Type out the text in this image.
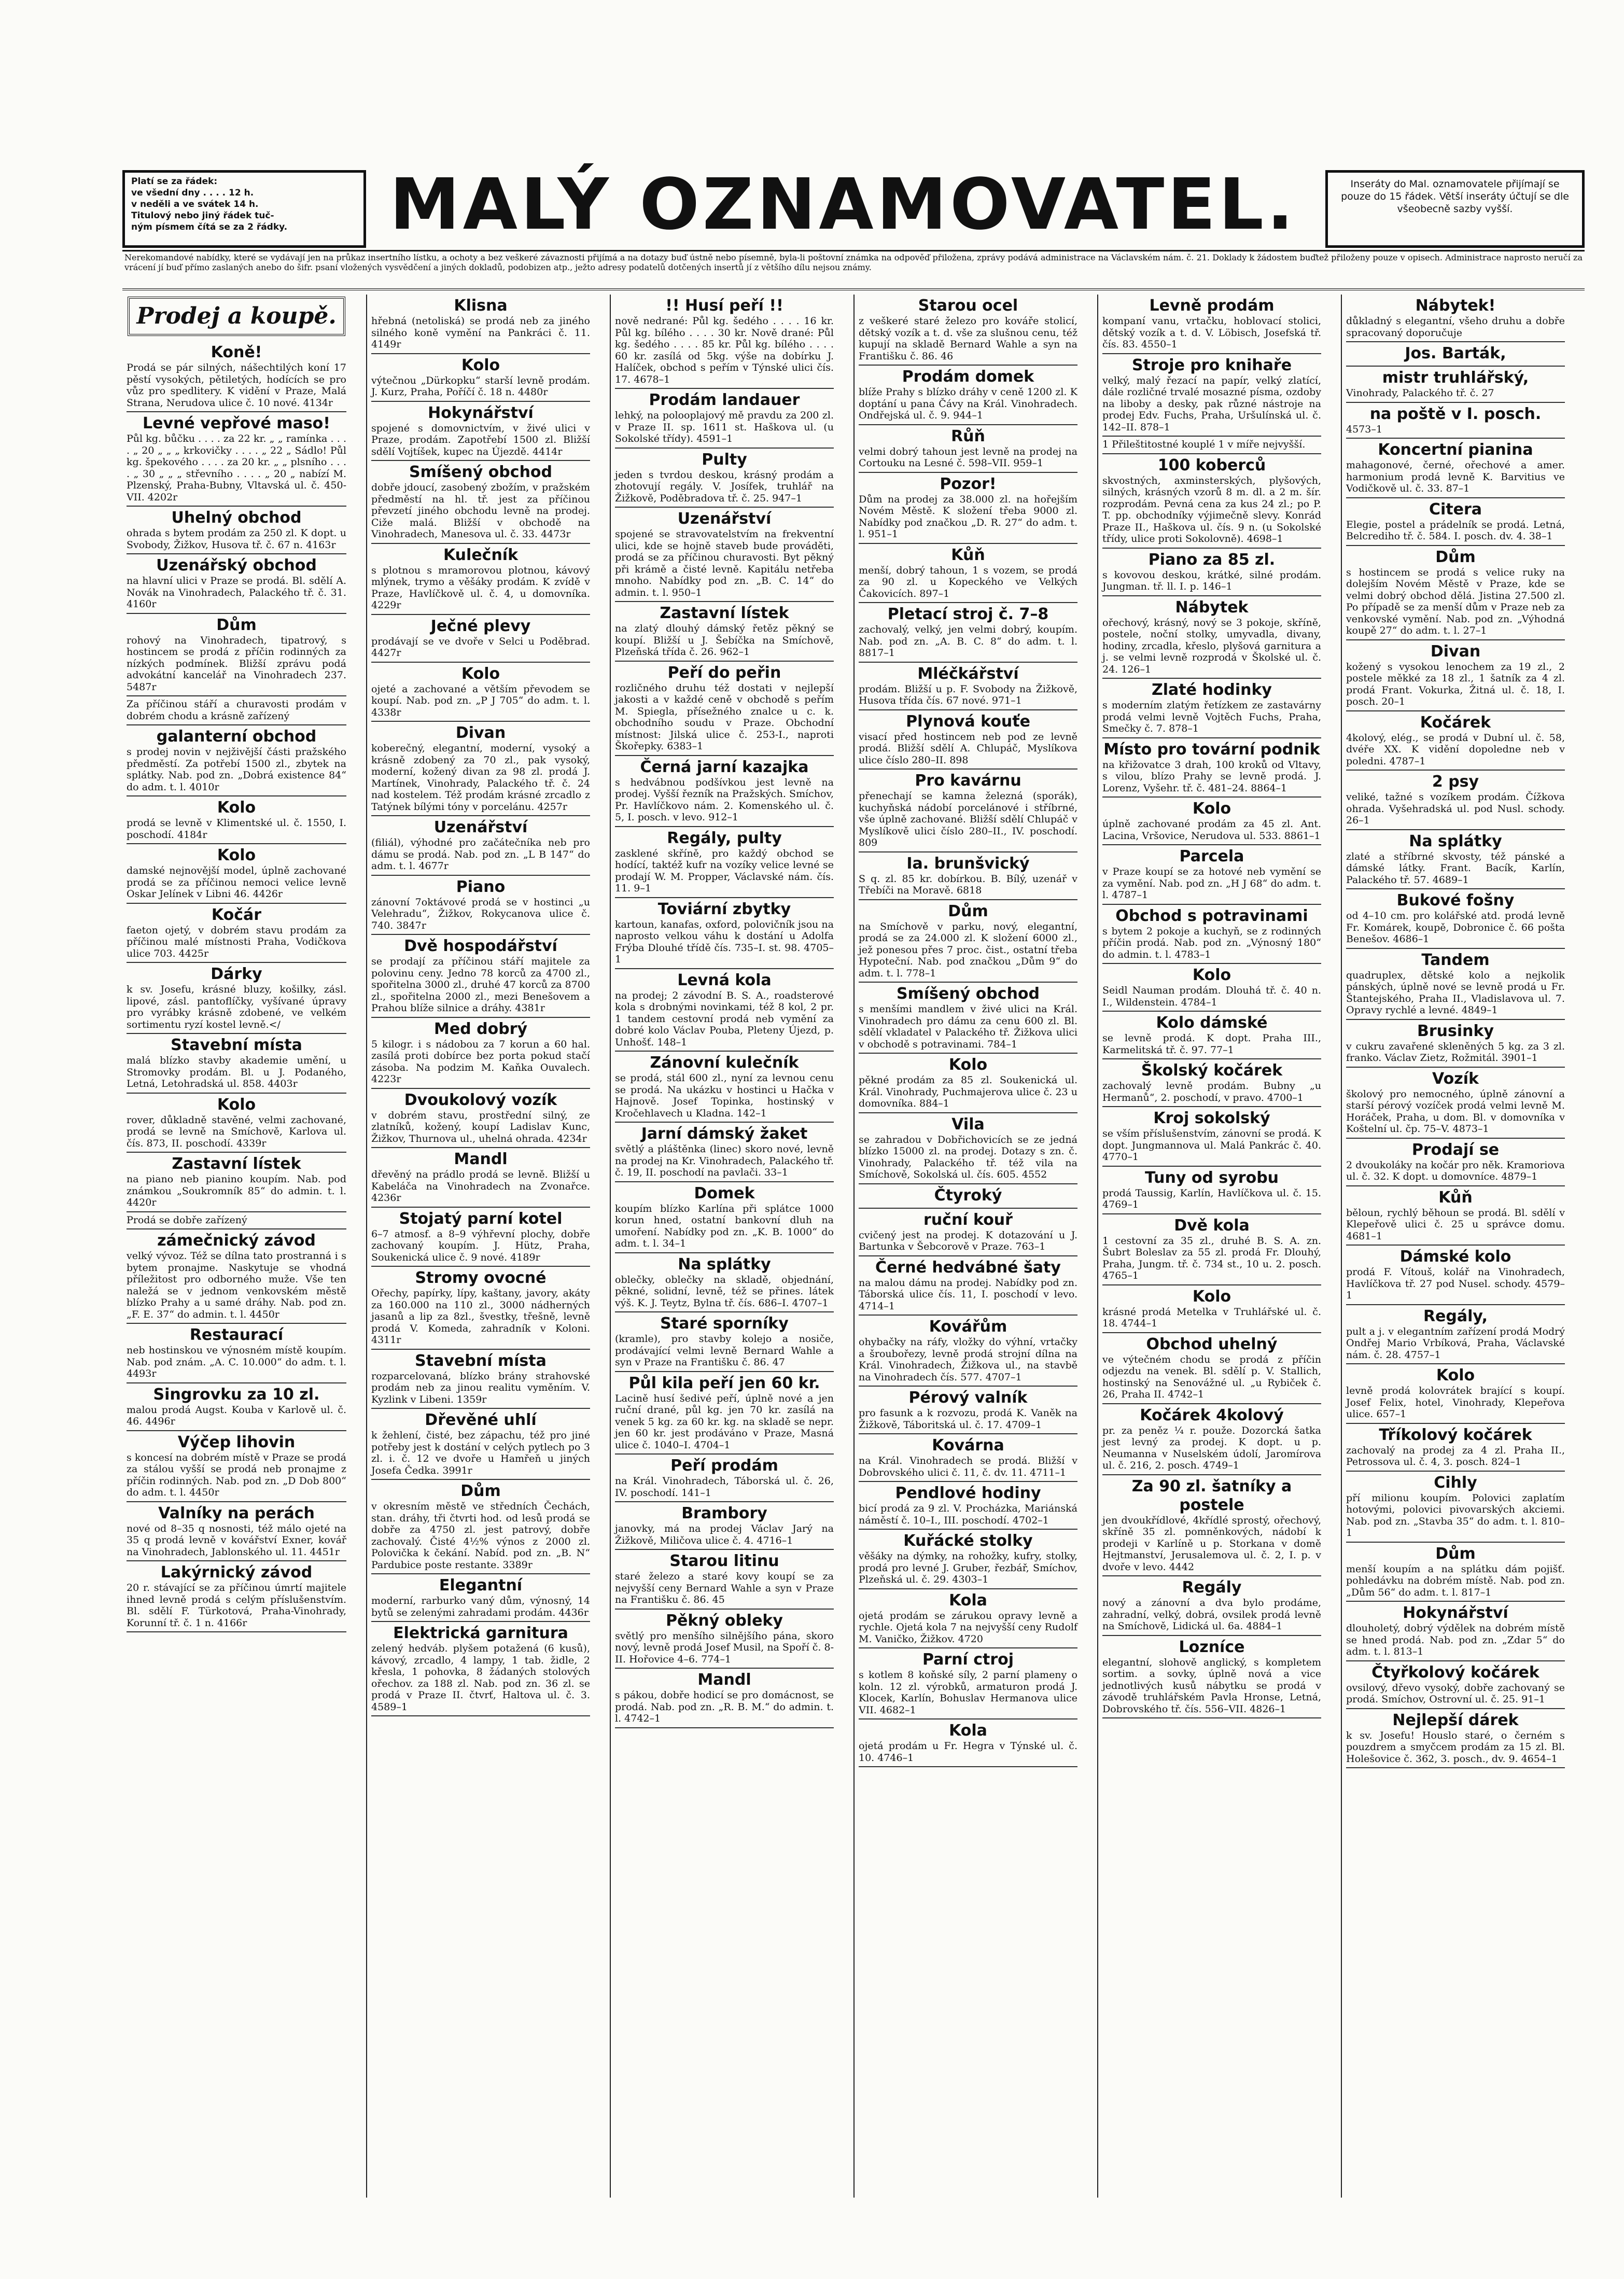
Platí se za řádek:
ve všední dny . . . . 12 h.
v neděli a ve svátek 14 h.
Titulový nebo jiný řádek tuč-
ným písmem čítá se za 2 řádky.	MALÝ OZNAMOVATEL.	Inseráty do Mal. oznamovatele přijímají se pouze do 15 řádek. Větší inseráty účtují se dle všeobecně sazby vyšší.
Nerekomandové nabídky, které se vydávají jen na průkaz insertního lístku, a ochoty a bez veškeré závaznosti přijímá a na dotazy buď ústně nebo písemně, byla-li poštovní známka na odpověď přiložena, zprávy podává administrace na Václavském nám. č. 21. Doklady k žádostem buďtež přiloženy pouze v opisech. Administrace naprosto neručí za vrácení jí buď přímo zaslaných anebo do šifr. psaní vložených vysvědčení a jiných dokladů, podobizen atp., ježto adresy podatelů dotčených insertů jí z většího dílu nejsou známy.
Prodej a koupě.
Koně!
Prodá se pár silných, nášechtilých koní 17 pěstí vysokých, pětiletých, hodících se pro vůz pro spedlitery. K vidění v Praze, Malá Strana, Nerudova ulice č. 10 nové. 4134r
Levné vepřové maso!
Půl kg. bůčku . . . . za 22 kr. „ „ ramínka . . . . „ 20 „ „ „ krkovičky . . . . „ 22 „ Sádlo! Půl kg. špekového . . . . za 20 kr. „ „ plsního . . . . „ 30 „ „ „ střevního . . . . „ 20 „ nabízí M. Plzenský, Praha-Bubny, Vltavská ul. č. 450-VII. 4202r
Uhelný obchod
ohrada s bytem prodám za 250 zl. K dopt. u Svobody, Žižkov, Husova tř. č. 67 n. 4163r
Uzenářský obchod
na hlavní ulici v Praze se prodá. Bl. sdělí A. Novák na Vinohradech, Palackého tř. č. 31. 4160r
Dům
rohový na Vinohradech, tipatrový, s hostincem se prodá z příčin rodinných za nízkých podmínek. Bližší zprávu podá advokátní kancelář na Vinohradech 237. 5487r
Za příčinou stáří a churavosti prodám v dobrém chodu a krásně zařízený
galanterní obchod
s prodej novin v nejživější části pražského předměstí. Za potřebí 1500 zl., zbytek na splátky. Nab. pod zn. „Dobrá existence 84“ do adm. t. l. 4010r
Kolo
prodá se levně v Klimentské ul. č. 1550, I. poschodí. 4184r
Kolo
damské nejnovější model, úplně zachované prodá se za příčinou nemoci velice levně Oskar Jelínek v Libni 46. 4426r
Kočár
faeton ojetý, v dobrém stavu prodám za příčinou malé místnosti Praha, Vodičkova ulice 703. 4425r
Dárky
k sv. Josefu, krásné bluzy, košilky, zásl. lipové, zásl. pantoflíčky, vyšívané úpravy pro vyrábky krásně zdobené, ve velkém sortimentu ryzí kostel levně.</
Stavební místa
malá blízko stavby akademie umění, u Stromovky prodám. Bl. u J. Podaného, Letná, Letohradská ul. 858. 4403r
Kolo
rover, důkladně stavěné, velmi zachované, prodá se levně na Smíchově, Karlova ul. čís. 873, II. poschodí. 4339r
Zastavní lístek
na piano neb pianino koupím. Nab. pod známkou „Soukromník 85“ do admin. t. l. 4420r
Prodá se dobře zařízený
zámečnický závod
velký vývoz. Též se dílna tato prostranná i s bytem pronajme. Naskytuje se vhodná příležitost pro odborného muže. Vše ten naležá se v jednom venkovském městě blízko Prahy a u samé dráhy. Nab. pod zn. „F. E. 37“ do admin. t. l. 4450r
Restaurací
neb hostinskou ve výnosném místě koupím. Nab. pod znám. „A. C. 10.000“ do adm. t. l. 4493r
Singrovku za 10 zl.
malou prodá Augst. Kouba v Karlově ul. č. 46. 4496r
Výčep lihovin
s koncesí na dobrém místě v Praze se prodá za stálou vyšší se prodá neb pronajme z příčin rodinných. Nab. pod zn. „D Dob 800“ do adm. t. l. 4450r
Valníky na perách
nové od 8–35 q nosnosti, též málo ojeté na 35 q prodá levně v kovářství Exner, kovář na Vinohradech, Jablonského ul. 11. 4451r
Lakýrnický závod
20 r. stávající se za příčinou úmrtí majitele ihned levně prodá s celým příslušenstvím. Bl. sdělí F. Türkotová, Praha-Vinohrady, Korunní tř. č. 1 n. 4166r
Klisna
hřebná (netoliská) se prodá neb za jiného silného koně vymění na Pankráci č. 11. 4149r
Kolo
výtečnou „Dürkopku“ starší levně prodám. J. Kurz, Praha, Poříčí č. 18 n. 4480r
Hokynářství
spojené s domovnictvím, v živé ulici v Praze, prodám. Zapotřebí 1500 zl. Bližší sdělí Vojtíšek, kupec na Újezdě. 4414r
Smíšený obchod
dobře jdoucí, zasobený zbožím, v pražském předměstí na hl. tř. jest za příčinou převzetí jiného obchodu levně na prodej. Ciže malá. Bližší v obchodě na Vinohradech, Manesova ul. č. 33. 4473r
Kulečník
s plotnou s mramorovou plotnou, kávový mlýnek, trymo a věšáky prodám. K zvídě v Praze, Havlíčkově ul. č. 4, u domovníka. 4229r
Ječné plevy
prodávají se ve dvoře v Selci u Poděbrad. 4427r
Kolo
ojeté a zachované a větším převodem se koupí. Nab. pod zn. „P J 705“ do adm. t. l. 4338r
Divan
koberečný, elegantní, moderní, vysoký a krásně zdobený za 70 zl., pak vysoký, moderní, kožený divan za 98 zl. prodá J. Martínek, Vinohrady, Palackého tř. č. 24 nad kostelem. Též prodám krásné zrcadlo z Tatýnek bílými tóny v porcelánu. 4257r
Uzenářství
(filiál), výhodné pro začátečníka neb pro dámu se prodá. Nab. pod zn. „L B 147“ do adm. t. l. 4677r
Piano
zánovní 7oktávové prodá se v hostinci „u Velehradu“, Žižkov, Rokycanova ulice č. 740. 3847r
Dvě hospodářství
se prodají za příčinou stáří majitele za polovinu ceny. Jedno 78 korců za 4700 zl., spořitelna 3000 zl., druhé 47 korců za 8700 zl., spořitelna 2000 zl., mezi Benešovem a Prahou blíže silnice a dráhy. 4381r
Med dobrý
5 kilogr. i s nádobou za 7 korun a 60 hal. zasílá proti dobírce bez porta pokud stačí zásoba. Na podzim M. Kaňka Ouvalech. 4223r
Dvoukolový vozík
v dobrém stavu, prostřední silný, ze zlatníků, kožený, koupí Ladislav Kunc, Žižkov, Thurnova ul., uhelná ohrada. 4234r
Mandl
dřevěný na prádlo prodá se levně. Bližší u Kabeláča na Vinohradech na Zvonařce. 4236r
Stojatý parní kotel
6–7 atmosf. a 8–9 výhřevní plochy, dobře zachovaný koupím. J. Hütz, Praha, Soukenická ulice č. 9 nové. 4189r
Stromy ovocné
Ořechy, papírky, lípy, kaštany, javory, akáty za 160.000 na 110 zl., 3000 nádherných jasanů a lip za 8zl., švestky, třešně, levně prodá V. Komeda, zahradník v Koloni. 4311r
Stavební místa
rozparcelovaná, blízko brány strahovské prodám neb za jinou realitu vyměním. V. Kyzlink v Libeni. 1359r
Dřevěné uhlí
k žehlení, čisté, bez zápachu, též pro jiné potřeby jest k dostání v celých pytlech po 3 zl. i. č. 12 ve dvoře u Hamřeň u jiných Josefa Čedka. 3991r
Dům
v okresním městě ve středních Čechách, stan. dráhy, tři čtvrti hod. od lesů prodá se dobře za 4750 zl. jest patrový, dobře zachovalý. Čisté 4½% výnos z 2000 zl. Polovička k čekání. Nabíd. pod zn. „B. N“ Pardubice poste restante. 3389r
Elegantní
moderní, rarburko vaný dům, výnosný, 14 bytů se zelenými zahradami prodám. 4436r
Elektrická garnitura
zelený hedváb. plyšem potažená (6 kusů), kávový, zrcadlo, 4 lampy, 1 tab. židle, 2 křesla, 1 pohovka, 8 žádaných stolových ořechov. za 188 zl. Nab. pod zn. 36 zl. se prodá v Praze II. čtvrť, Haltova ul. č. 3. 4589–1
!! Husí peří !!
nově nedrané: Půl kg. šedého . . . . 16 kr. Půl kg. bílého . . . . 30 kr. Nově drané: Půl kg. šedého . . . . 85 kr. Půl kg. bílého . . . . 60 kr. zasílá od 5kg. výše na dobírku J. Halíček, obchod s peřím v Týnské ulici čís. 17. 4678–1
Prodám landauer
lehký, na polooplajový mě pravdu za 200 zl. v Praze II. sp. 1611 st. Haškova ul. (u Sokolské třídy). 4591–1
Pulty
jeden s tvrdou deskou, krásný prodám a zhotovují regály. V. Josífek, truhlář na Žižkově, Poděbradova tř. č. 25. 947–1
Uzenářství
spojené se stravovatelstvím na frekventní ulici, kde se hojně staveb bude prováděti, prodá se za příčinou churavosti. Byt pěkný při krámě a čisté levně. Kapitálu netřeba mnoho. Nabídky pod zn. „B. C. 14“ do admin. t. l. 950–1
Zastavní lístek
na zlatý dlouhý dámský řetěz pěkný se koupí. Bližší u J. Šebíčka na Smíchově, Plzeňská třída č. 26. 962–1
Peří do peřin
rozličného druhu též dostati v nejlepší jakosti a v každé ceně v obchodě s peřím M. Spiegla, přísežného znalce u c. k. obchodního soudu v Praze. Obchodní místnost: Jilská ulice č. 253-I., naproti Škořepky. 6383–1
Černá jarní kazajka
s hedvábnou podšívkou jest levně na prodej. Vyšší řezník na Pražských. Smíchov, Pr. Havlíčkovo nám. 2. Komenského ul. č. 5, I. posch. v levo. 912–1
Regály, pulty
zasklené skříně, pro každý obchod se hodící, taktéž kufr na vozíky velice levné se prodají W. M. Propper, Václavské nám. čís. 11. 9–1
Toviární zbytky
kartoun, kanafas, oxford, polovičník jsou na naprosto velkou váhu k dostání u Adolfa Frýba Dlouhé třídě čís. 735–I. st. 98. 4705–1
Levná kola
na prodej; 2 závodní B. S. A., roadsterové kola s drobnými novinkami, též 8 kol, 2 pr. 1 tandem cestovní prodá neb vymění za dobré kolo Václav Pouba, Pleteny Újezd, p. Unhošť. 148–1
Zánovní kulečník
se prodá, stál 600 zl., nyní za levnou cenu se prodá. Na ukázku v hostinci u Hačka v Hajnově. Josef Topinka, hostinský v Kročehlavech u Kladna. 142–1
Jarní dámský žaket
světlý a pláštěnka (linec) skoro nové, levně na prodej na Kr. Vinohradech, Palackého tř. č. 19, II. poschodí na pavlači. 33–1
Domek
koupím blízko Karlína při splátce 1000 korun hned, ostatní bankovní dluh na umoření. Nabídky pod zn. „K. B. 1000“ do adm. t. l. 34–1
Na splátky
oblečky, oblečky na skladě, objednání, pěkné, solidní, levně, též se přines. látek výš. K. J. Teytz, Bylna tř. čís. 686–I. 4707–1
Staré sporníky
(kramle), pro stavby kolejo a nosiče, prodávající velmi levně Bernard Wahle a syn v Praze na Františku č. 86. 47
Půl kila peří jen 60 kr.
Lacině husí šedivé peří, úplně nové a jen ruční drané, půl kg. jen 70 kr. zasílá na venek 5 kg. za 60 kr. kg. na skladě se nepr. jen 60 kr. jest prodáváno v Praze, Masná ulice č. 1040–I. 4704–1
Peří prodám
na Král. Vinohradech, Táborská ul. č. 26, IV. poschodí. 141–1
Brambory
janovky, má na prodej Václav Jarý na Žižkově, Miličova ulice č. 4. 4716–1
Starou litinu
staré železo a staré kovy koupí se za nejvyšší ceny Bernard Wahle a syn v Praze na Františku č. 86. 45
Pěkný obleky
světlý pro menšího silnějšího pána, skoro nový, levně prodá Josef Musil, na Spoří č. 8-II. Hořovice 4–6. 774–1
Mandl
s pákou, dobře hodicí se pro domácnost, se prodá. Nab. pod zn. „R. B. M.“ do admin. t. l. 4742–1
Starou ocel
z veškeré staré železo pro kováře stolicí, dětský vozík a t. d. vše za slušnou cenu, též kupují na skladě Bernard Wahle a syn na Františku č. 86. 46
Prodám domek
blíže Prahy s blízko dráhy v ceně 1200 zl. K doptání u pana Čávy na Král. Vinohradech. Ondřejská ul. č. 9. 944–1
Růň
velmi dobrý tahoun jest levně na prodej na Cortouku na Lesné č. 598–VII. 959–1
Pozor!
Dům na prodej za 38.000 zl. na hořejším Novém Městě. K složení třeba 9000 zl. Nabídky pod značkou „D. R. 27“ do adm. t. l. 951–1
Kůň
menší, dobrý tahoun, 1 s vozem, se prodá za 90 zl. u Kopeckého ve Velkých Čakovicích. 897–1
Pletací stroj č. 7–8
zachovalý, velký, jen velmi dobrý, koupím. Nab. pod zn. „A. B. C. 8“ do adm. t. l. 8817–1
Mléčkářství
prodám. Bližší u p. F. Svobody na Žižkově, Husova třída čís. 67 nové. 971–1
Plynová kouťe
visací před hostincem neb pod ze levně prodá. Bližší sdělí A. Chlupáč, Myslíkova ulice číslo 280–II. 898
Pro kavárnu
přenechají se kamna železná (sporák), kuchyňská nádobí porcelánové i stříbrné, vše úplně zachované. Bližší sdělí Chlupáč v Myslíkově ulici číslo 280–II., IV. poschodí. 809
Ia. brunšvický
S q. zl. 85 kr. dobírkou. B. Bílý, uzenář v Třebíči na Moravě. 6818
Dům
na Smíchově v parku, nový, elegantní, prodá se za 24.000 zl. K složení 6000 zl., jež ponesou přes 7 proc. čist., ostatní třeba Hypoteční. Nab. pod značkou „Dům 9“ do adm. t. l. 778–1
Smíšený obchod
s menšími mandlem v živé ulici na Král. Vinohradech pro dámu za cenu 600 zl. Bl. sdělí vkladatel v Palackého tř. Žižkova ulici v obchodě s potravinami. 784–1
Kolo
pěkné prodám za 85 zl. Soukenická ul. Král. Vinohrady, Puchmajerova ulice č. 23 u domovníka. 884–1
Vila
se zahradou v Dobřichovicích se ze jedná blízko 15000 zl. na prodej. Dotazy s zn. č. Vinohrady, Palackého tř. též vila na Smíchově, Sokolská ul. čís. 605. 4552
Čtyroký
ruční kouř
cvičený jest na prodej. K dotazování u J. Bartunka v Šebcorově v Praze. 763–1
Černé hedvábné šaty
na malou dámu na prodej. Nabídky pod zn. Táborská ulice čís. 11, I. poschodí v levo. 4714–1
Kovářům
ohybačky na ráfy, vložky do výhní, vrtačky a šroubořezy, levně prodá strojní dílna na Král. Vinohradech, Žižkova ul., na stavbě na Vinohradech čís. 577. 4707–1
Pérový valník
pro fasunk a k rozvozu, prodá K. Vaněk na Žižkově, Táboritská ul. č. 17. 4709–1
Kovárna
na Král. Vinohradech se prodá. Bližší v Dobrovského ulici č. 11, č. dv. 11. 4711–1
Pendlové hodiny
bicí prodá za 9 zl. V. Procházka, Mariánská náměstí č. 10–I., III. poschodí. 4702–1
Kuřácké stolky
věšáky na dýmky, na rohožky, kufry, stolky, prodá pro levné J. Gruber, řezbář, Smíchov, Plzeňská ul. č. 29. 4303–1
Kola
ojetá prodám se zárukou opravy levně a rychle. Ojetá kola 7 na nejvyšší ceny Rudolf M. Vaničko, Žižkov. 4720
Parní ctroj
s kotlem 8 koňské síly, 2 parní plameny o koln. 12 zl. výrobků, armaturon prodá J. Klocek, Karlín, Bohuslav Hermanova ulice VII. 4682–1
Kola
ojetá prodám u Fr. Hegra v Týnské ul. č. 10. 4746–1
Levně prodám
kompaní vanu, vrtačku, hoblovací stolici, dětský vozík a t. d. V. Löbisch, Josefská tř. čís. 83. 4550–1
Stroje pro knihaře
velký, malý řezací na papír, velký zlatící, dále rozličné trvalé mosazné písma, ozdoby na liboby a desky, pak různé nástroje na prodej Edv. Fuchs, Praha, Uršulínská ul. č. 142–II. 878–1
1 Přileštitostné kouplé 1 v míře nejvyšší.
100 koberců
skvostných, axminsterských, plyšových, silných, krásných vzorů 8 m. dl. a 2 m. šír. rozprodám. Pevná cena za kus 24 zl.; po P. T. pp. obchodníky výjimečně slevy. Konrád Praze II., Haškova ul. čís. 9 n. (u Sokolské třídy, ulice proti Sokolovně). 4698–1
Piano za 85 zl.
s kovovou deskou, krátké, silné prodám. Jungman. tř. ll. I. p. 146–1
Nábytek
ořechový, krásný, nový se 3 pokoje, skříně, postele, noční stolky, umyvadla, divany, hodiny, zrcadla, křeslo, plyšová garnitura a j. se velmi levně rozprodá v Školské ul. č. 24. 126–1
Zlaté hodinky
s moderním zlatým řetízkem ze zastavárny prodá velmi levně Vojtěch Fuchs, Praha, Smečky č. 7. 878–1
Místo pro tovární podnik
na křižovatce 3 drah, 100 kroků od Vltavy, s vilou, blízo Prahy se levně prodá. J. Lorenz, Vyšehr. tř. č. 481–24. 8864–1
Kolo
úplně zachované prodám za 45 zl. Ant. Lacina, Vršovice, Nerudova ul. 533. 8861–1
Parcela
v Praze koupí se za hotové neb vymění se za vymění. Nab. pod zn. „H J 68“ do adm. t. l. 4787–1
Obchod s potravinami
s bytem 2 pokoje a kuchyň, se z rodinných příčin prodá. Nab. pod zn. „Výnosný 180“ do admin. t. l. 4783–1
Kolo
Seidl Nauman prodám. Dlouhá tř. č. 40 n. I., Wildenstein. 4784–1
Kolo dámské
se levně prodá. K dopt. Praha III., Karmelitská tř. č. 97. 77–1
Školský kočárek
zachovalý levně prodám. Bubny „u Hermanů“, 2. poschodí, v pravo. 4700–1
Kroj sokolský
se vším příslušenstvím, zánovní se prodá. K dopt. Jungmannova ul. Malá Pankrác č. 40. 4770–1
Tuny od syrobu
prodá Taussig, Karlín, Havlíčkova ul. č. 15. 4769–1
Dvě kola
1 cestovní za 35 zl., druhé B. S. A. zn. Šubrt Boleslav za 55 zl. prodá Fr. Dlouhý, Praha, Jungm. tř. č. 734 st., 10 u. 2. posch. 4765–1
Kolo
krásné prodá Metelka v Truhlářské ul. č. 18. 4744–1
Obchod uhelný
ve výtečném chodu se prodá z příčin odjezdu na venek. Bl. sdělí p. V. Stallich, hostinský na Senovážné ul. „u Rybiček č. 26, Praha II. 4742–1
Kočárek 4kolový
pr. za peněz ¼ r. použe. Dozorcká šatka jest levný za prodej. K dopt. u p. Neumanna v Nuselském údolí, Jaromírova ul. č. 216, 2. posch. 4749–1
Za 90 zl. šatníky a postele
jen dvoukřídlové, 4křídlé sprostý, ořechový, skříně 35 zl. pomněnkových, nádobí k prodeji v Karlíně u p. Storkana v domě Hejtmanství, Jerusalemova ul. č. 2, I. p. v dvoře v levo. 4442
Regály
nový a zánovní a dva bylo prodáme, zahradní, velký, dobrá, ovsilek prodá levně na Smíchově, Lidická ul. 6a. 4884–1
Lozníce
elegantní, slohově anglický, s kompletem sortim. a sovky, úplně nová a vice jednotlivých kusů nábytku se prodá v závodě truhlářském Pavla Hronse, Letná, Dobrovského tř. čís. 556–VII. 4826–1
Nábytek!
důkladný s elegantní, všeho druhu a dobře spracovaný doporučuje
Jos. Barták,
mistr truhlářský,
Vinohrady, Palackého tř. č. 27
na poště v I. posch.
4573–1
Koncertní pianina
mahagonové, černé, ořechové a amer. harmonium prodá levně K. Barvitius ve Vodičkově ul. č. 33. 87–1
Citera
Elegie, postel a prádelník se prodá. Letná, Belcrediho tř. č. 584. I. posch. dv. 4. 38–1
Dům
s hostincem se prodá s velice ruky na dolejším Novém Městě v Praze, kde se velmi dobrý obchod dělá. Jistina 27.500 zl. Po případě se za menší dům v Praze neb za venkovské vymění. Nab. pod zn. „Výhodná koupě 27“ do adm. t. l. 27–1
Divan
kožený s vysokou lenochem za 19 zl., 2 postele měkké za 18 zl., 1 šatník za 4 zl. prodá Frant. Vokurka, Žitná ul. č. 18, I. posch. 20–1
Kočárek
4kolový, elég., se prodá v Dubní ul. č. 58, dvéře XX. K vidění dopoledne neb v poledni. 4787–1
2 psy
veliké, tažné s vozíkem prodám. Čížkova ohrada. Vyšehradská ul. pod Nusl. schody. 26–1
Na splátky
zlaté a stříbrné skvosty, též pánské a dámské látky. Frant. Bacík, Karlín, Palackého tř. 57. 4689–1
Bukové fošny
od 4–10 cm. pro kolářské atd. prodá levně Fr. Komárek, koupě, Dobronice č. 66 pošta Benešov. 4686–1
Tandem
quadruplex, dětské kolo a nejkolik pánských, úplně nové se levně prodá u Fr. Štantejského, Praha II., Vladislavova ul. 7. Opravy rychlé a levné. 4849–1
Brusinky
v cukru zavařené skleněných 5 kg. za 3 zl. franko. Václav Zietz, Rožmitál. 3901–1
Vozík
školový pro nemocného, úplně zánovní a starší pérový vozíček prodá velmi levně M. Horáček, Praha, u dom. Bl. v domovníka v Koštelní ul. čp. 75–V. 4873–1
Prodají se
2 dvoukoláky na kočár pro něk. Kramoriova ul. č. 32. K dopt. u domovníce. 4879–1
Kůň
běloun, rychlý běhoun se prodá. Bl. sdělí v Klepeřově ulici č. 25 u správce domu. 4681–1
Dámské kolo
prodá F. Vítouš, kolář na Vinohradech, Havlíčkova tř. 27 pod Nusel. schody. 4579–1
Regály,
pult a j. v elegantním zařízení prodá Modrý Ondřej Mario Vrbíková, Praha, Václavské nám. č. 28. 4757–1
Kolo
levně prodá kolovrátek brající s koupí. Josef Felix, hotel, Vinohrady, Klepeřova ulice. 657–1
Tříkolový kočárek
zachovalý na prodej za 4 zl. Praha II., Petrossova ul. č. 4, 3. posch. 824–1
Cihly
pří milionu koupím. Polovici zaplatím hotovými, polovici pivovarských akciemi. Nab. pod zn. „Stavba 35“ do adm. t. l. 810–1
Dům
menší koupím a na splátku dám pojišť. pohledávku na dobrém místě. Nab. pod zn. „Dům 56“ do adm. t. l. 817–1
Hokynářství
dlouholetý, dobrý výdělek na dobrém místě se hned prodá. Nab. pod zn. „Zdar 5“ do adm. t. l. 813–1
Čtyřkolový kočárek
ovsilový, dřevo vysoký, dobře zachovaný se prodá. Smíchov, Ostrovní ul. č. 25. 91–1
Nejlepší dárek
k sv. Josefu! Houslo staré, o černém s pouzdrem a smyčcem prodám za 15 zl. Bl. Holešovice č. 362, 3. posch., dv. 9. 4654–1
